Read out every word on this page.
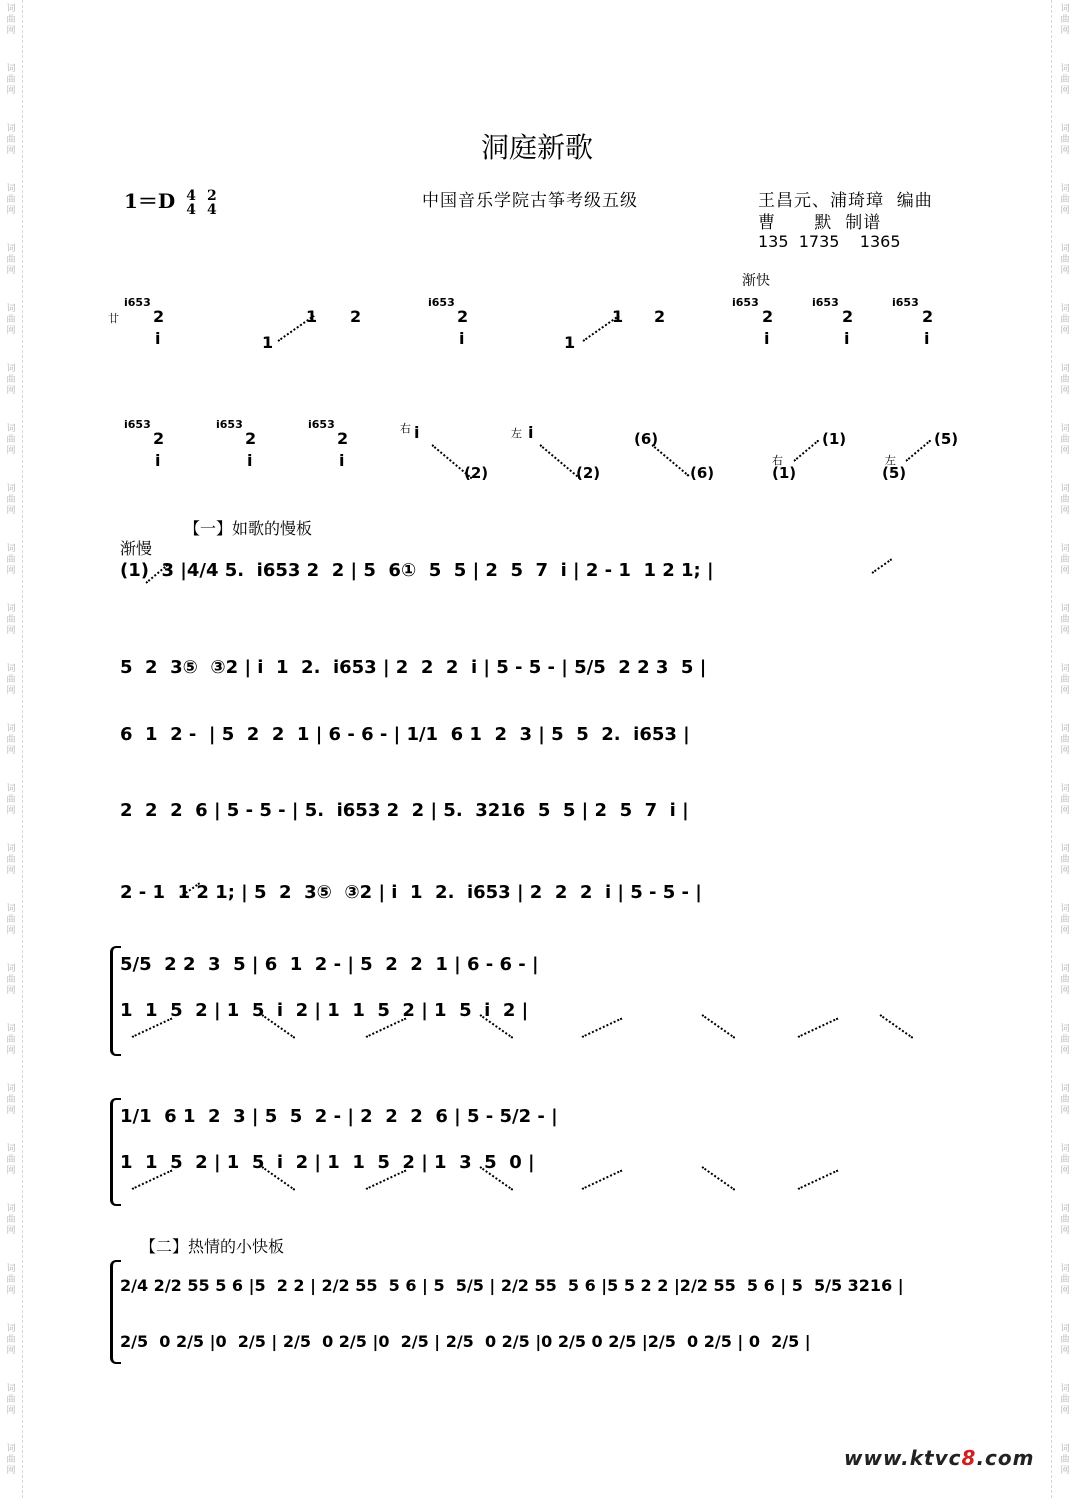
词
曲
网
词
曲
网
词
曲
网
词
曲
网
词
曲
网
词
曲
网
词
曲
网
词
曲
网
词
曲
网
词
曲
网
词
曲
网
词
曲
网
词
曲
网
词
曲
网
词
曲
网
词
曲
网
词
曲
网
词
曲
网
词
曲
网
词
曲
网
词
曲
网
词
曲
网
词
曲
网
词
曲
网
词
曲
网
词
曲
网
词
曲
网
词
曲
网
词
曲
网
词
曲
网
词
曲
网
词
曲
网
词
曲
网
词
曲
网
词
曲
网
词
曲
网
词
曲
网
词
曲
网
词
曲
网
词
曲
网
词
曲
网
词
曲
网
词
曲
网
词
曲
网
词
曲
网
词
曲
网
词
曲
网
词
曲
网
词
曲
网
词
曲
网
洞庭新歌
1＝D 4
4

2
4	中国音乐学院古筝考级五级	王昌元、浦琦璋  编曲
曹      默  制谱
135  1735    1365
渐快
廿
i653
2
i
1 2
1
i653
2
i
1 2
1
i653
2
i
i653
2
i
i653
2
i
i653
2
i
i653
2
i
i653
2
i
i
(2)
i
(2)
(6)
(6)
(1)
(1)
(5)
(5)
右	左
右	左
【一】如歌的慢板
渐慢
(1)  3 |4/4 5.  i653 2  2 | 5  6①  5  5 | 2  5  7  i | 2 - 1  1 2 1; |
5  2  3⑤  ③2 | i  1  2.  i653 | 2  2  2  i | 5 - 5 - | 5/5  2 2 3  5 |
6  1  2 -  | 5  2  2  1 | 6 - 6 - | 1/1  6 1  2  3 | 5  5  2.  i653 |
2  2  2  6 | 5 - 5 - | 5.  i653 2  2 | 5.  3216  5  5 | 2  5  7  i |
2 - 1  1 2 1; | 5  2  3⑤  ③2 | i  1  2.  i653 | 2  2  2  i | 5 - 5 - |
5/5  2 2  3  5 | 6  1  2 - | 5  2  2  1 | 6 - 6 - |
1  1  5  2 | 1  5  i  2 | 1  1  5  2 | 1  5  i  2 |
1/1  6 1  2  3 | 5  5  2 - | 2  2  2  6 | 5 - 5/2 - |
1  1  5  2 | 1  5  i  2 | 1  1  5  2 | 1  3  5  0 |
【二】热情的小快板
2/4 2/2 55 5 6 |5  2 2 | 2/2 55  5 6 | 5  5/5 | 2/2 55  5 6 |5 5 2 2 |2/2 55  5 6 | 5  5/5 3216 |
2/5  0 2/5 |0  2/5 | 2/5  0 2/5 |0  2/5 | 2/5  0 2/5 |0 2/5 0 2/5 |2/5  0 2/5 | 0  2/5 |
www.ktvc8.com
